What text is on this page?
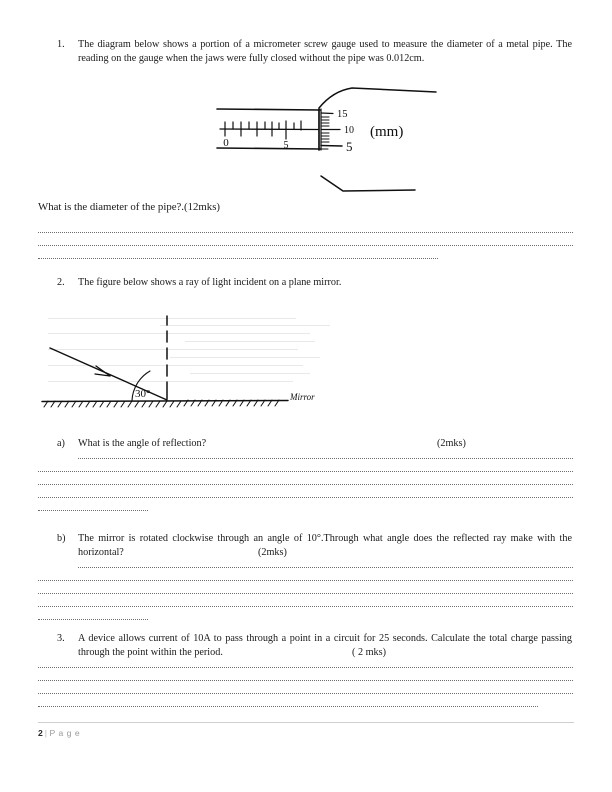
1.	The diagram below shows a portion of a micrometer screw gauge used to measure the diameter of a metal pipe. The reading on the gauge when the jaws were fully closed without the pipe was 0.012cm.
0	5
15
10
5
(mm)
What is the diameter of the pipe?.(12mks)
2.	The figure below shows a ray of light incident on a plane mirror.
30°	Mirror
a)	What is the angle of reflection?	(2mks)
b)	The mirror is rotated clockwise through an angle of 10°.Through what angle does the reflected ray make with the horizontal?	(2mks)
3.	A device allows current of 10A to pass through a point in a circuit for 25 seconds. Calculate the total charge passing through the point within the period.	( 2 mks)
2 | P a g e
